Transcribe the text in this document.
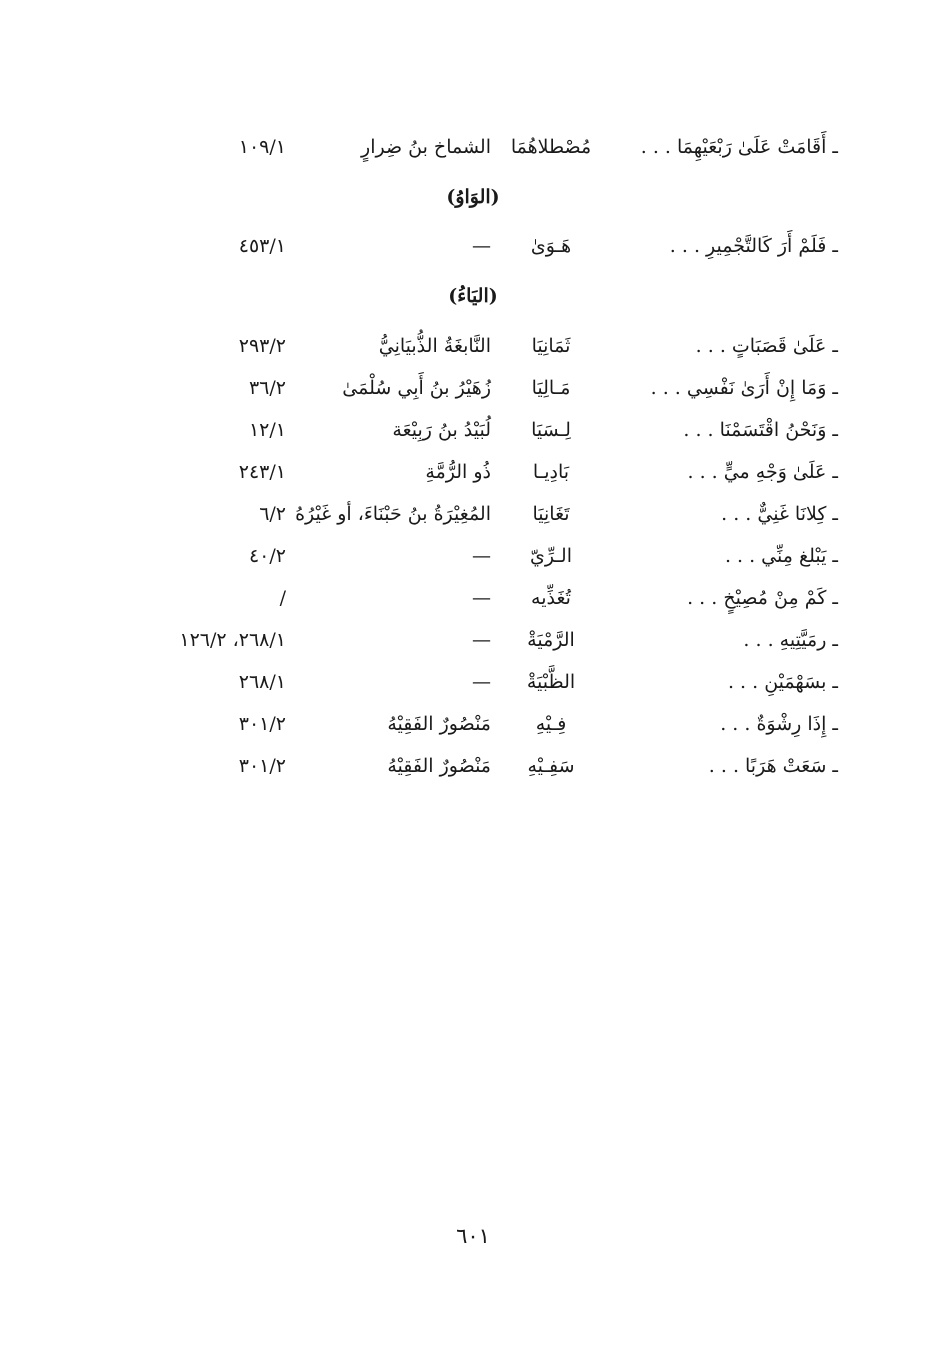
ـ أَقَامَتْ عَلَىٰ رَبْعَيْهِمَا . . .
مُصْطلاهُمَا
الشماخ بنُ ضِرارٍ
١٠٩/١
(الوَاوُ)
ـ فَلَمْ أَرَ كَالتَّجْمِيرِ . . .
هَـوَىٰ
—
٤٥٣/١
(اليَاءُ)
ـ عَلَىٰ قَصَبَاتٍ . . .
ثَمَانِيَا
النَّابغَةُ الذُّبيَانِيُّ
٢٩٣/٢
ـ وَمَا إِنْ أَرَىٰ نَفْسِي . . .
مَـالِيَا
زُهَيْرُ بنُ أَبِي سُلْمَىٰ
٣٦/٢
ـ وَنَحْنُ اقْتَسَمْنَا . . .
لِـسَيَا
لُبَيْدُ بنُ رَبِيْعَة
١٢/١
ـ عَلَىٰ وَجْهِ ميٍّ . . .
بَادِيـا
ذُو الرُّمَّةِ
٢٤٣/١
ـ كِلانَا غَنِيٌّ . . .
تَغَانِيَا
المُغِيْرَةُ بنُ حَبْنَاءَ، أو غَيْرُهُ
٦/٢
ـ يَبْلغ مِنِّي . . .
الـرِّيّ
—
٤٠/٢
ـ كَمْ مِنْ مُصِيْخٍ . . .
تُغَذِّيه
—
/
ـ رمَيَّتِيهِ . . .
الرَّمْيَةْ
—
٢٦٨/١، ١٢٦/٢
ـ بسَهْمَيْنِ . . .
الظَّبْيَةْ
—
٢٦٨/١
ـ إِذَا رِشْوَةٌ . . .
فِـيْهِ
مَنْصُورٌ الفَقِيْهُ
٣٠١/٢
ـ سَعَتْ هَرَبًا . . .
سَفِـيْهِ
مَنْصُورٌ الفَقِيْهُ
٣٠١/٢
٦٠١
